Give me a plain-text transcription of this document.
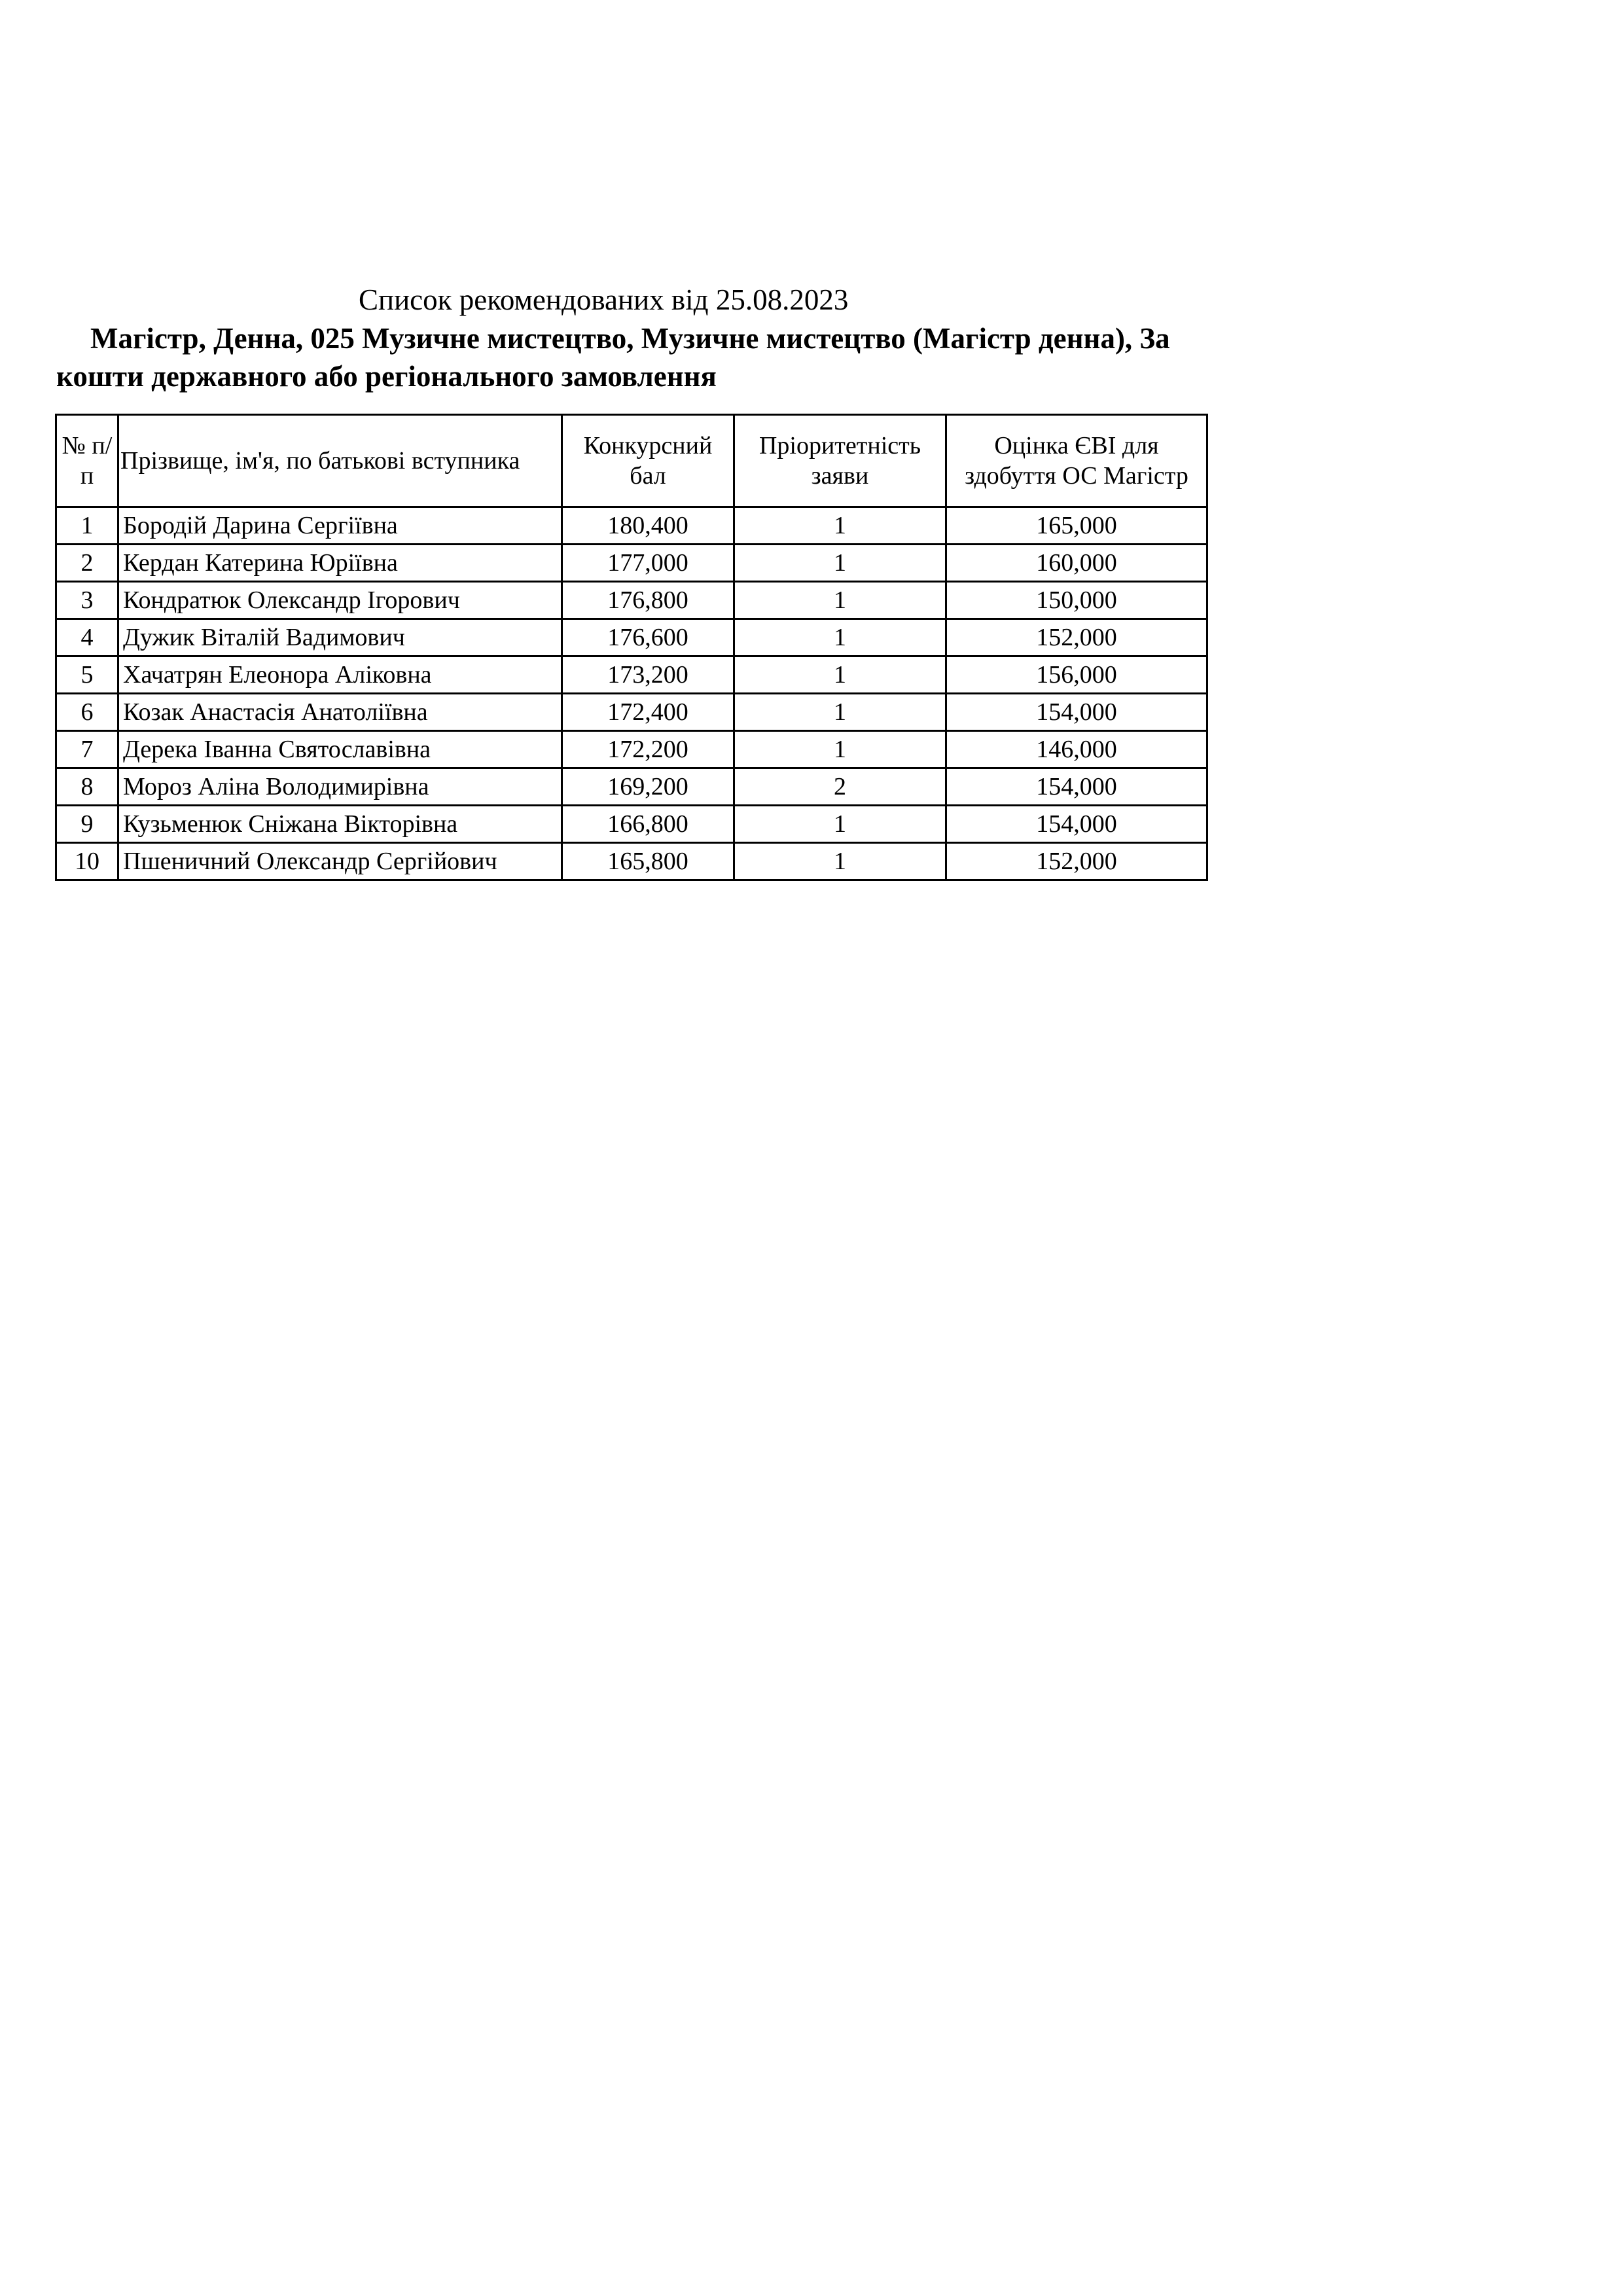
Список рекомендованих від 25.08.2023
Магістр, Денна, 025 Музичне мистецтво, Музичне мистецтво (Магістр денна), За кошти державного або регіонального замовлення
№ п/п	Прізвище, ім'я, по батькові вступника	Конкурсний бал	Пріоритетність заяви	Оцінка ЄВІ для здобуття ОС Магістр
1	Бородій Дарина Сергіївна	180,400	1	165,000
2	Кердан Катерина Юріївна	177,000	1	160,000
3	Кондратюк Олександр Ігорович	176,800	1	150,000
4	Дужик Віталій Вадимович	176,600	1	152,000
5	Хачатрян Елеонора Аліковна	173,200	1	156,000
6	Козак Анастасія Анатоліївна	172,400	1	154,000
7	Дерека Іванна Святославівна	172,200	1	146,000
8	Мороз Аліна Володимирівна	169,200	2	154,000
9	Кузьменюк Сніжана Вікторівна	166,800	1	154,000
10	Пшеничний Олександр Сергійович	165,800	1	152,000
